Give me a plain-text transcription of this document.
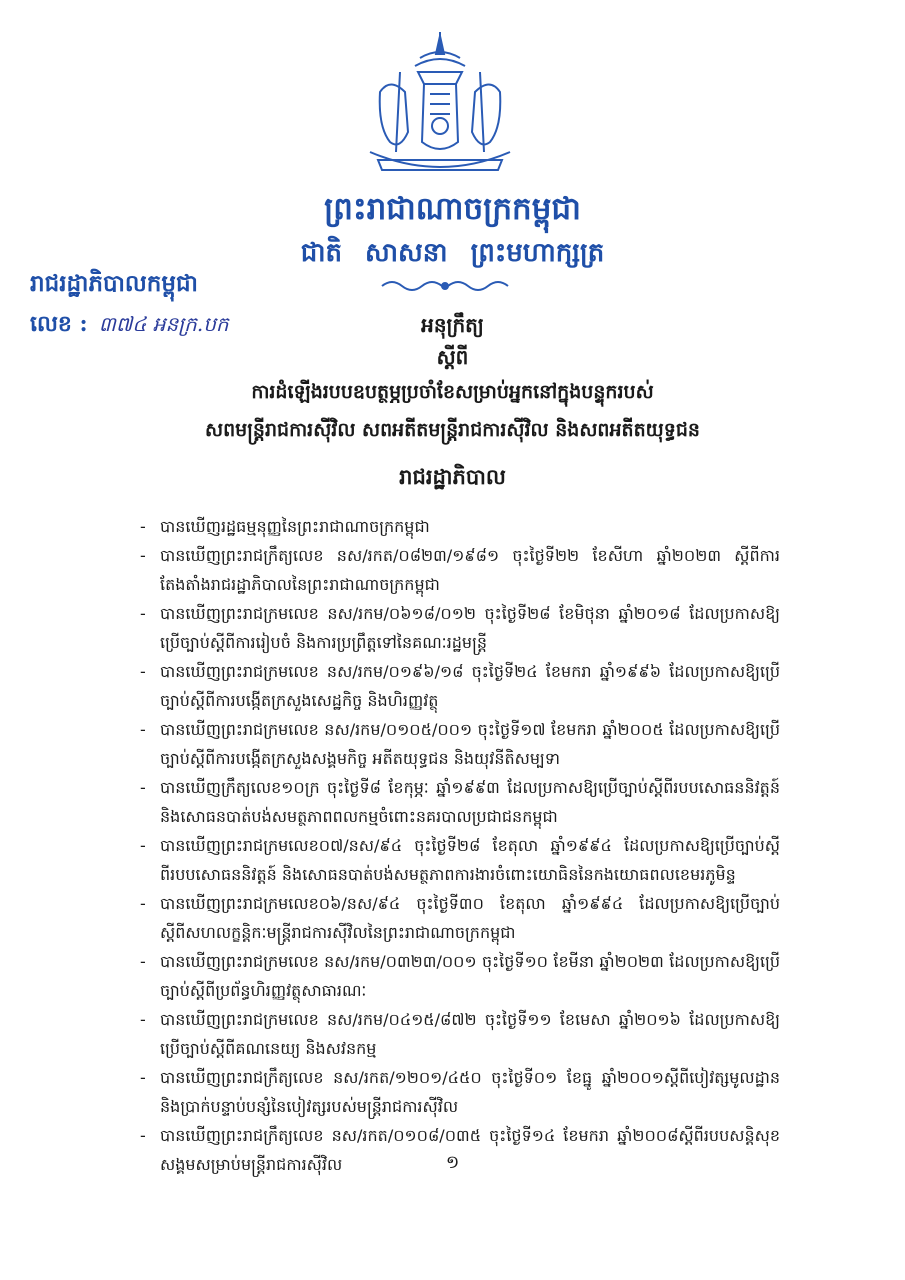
ព្រះរាជាណាចក្រកម្ពុជា
ជាតិ សាសនា ព្រះមហាក្សត្រ
រាជរដ្ឋាភិបាលកម្ពុជា
លេខ : ៣៧៤ អនក្រ.បក	អនុក្រឹត្យ
ស្តីពី
ការដំឡើងរបបឧបត្ថម្ភប្រចាំខែសម្រាប់អ្នកនៅក្នុងបន្ទុករបស់
សពមន្ត្រីរាជការស៊ីវិល សពអតីតមន្ត្រីរាជការស៊ីវិល និងសពអតីតយុទ្ធជន
រាជរដ្ឋាភិបាល
- បានឃើញរដ្ឋធម្មនុញ្ញនៃព្រះរាជាណាចក្រកម្ពុជា
- បានឃើញព្រះរាជក្រឹត្យលេខ នស/រកត/០៨២៣/១៩៨១ ចុះថ្ងៃទី២២ ខែសីហា ឆ្នាំ២០២៣ ស្តីពីការតែងតាំងរាជរដ្ឋាភិបាលនៃព្រះរាជាណាចក្រកម្ពុជា
- បានឃើញព្រះរាជក្រមលេខ នស/រកម/០៦១៨/០១២ ចុះថ្ងៃទី២៨ ខែមិថុនា ឆ្នាំ២០១៨ ដែលប្រកាសឱ្យប្រើច្បាប់ស្តីពីការរៀបចំ និងការប្រព្រឹត្តទៅនៃគណៈរដ្ឋមន្ត្រី
- បានឃើញព្រះរាជក្រមលេខ នស/រកម/០១៩៦/១៨ ចុះថ្ងៃទី២៤ ខែមករា ឆ្នាំ១៩៩៦ ដែលប្រកាសឱ្យប្រើច្បាប់ស្តីពីការបង្កើតក្រសួងសេដ្ឋកិច្ច និងហិរញ្ញវត្ថុ
- បានឃើញព្រះរាជក្រមលេខ នស/រកម/០១០៥/០០១ ចុះថ្ងៃទី១៧ ខែមករា ឆ្នាំ២០០៥ ដែលប្រកាសឱ្យប្រើច្បាប់ស្តីពីការបង្កើតក្រសួងសង្គមកិច្ច អតីតយុទ្ធជន និងយុវនីតិសម្បទា
- បានឃើញក្រឹត្យលេខ១០ក្រ ចុះថ្ងៃទី៨ ខែកុម្ភៈ ឆ្នាំ១៩៩៣ ដែលប្រកាសឱ្យប្រើច្បាប់ស្តីពីរបបសោធននិវត្តន៍ និងសោធនបាត់បង់សមត្ថភាពពលកម្មចំពោះនគរបាលប្រជាជនកម្ពុជា
- បានឃើញព្រះរាជក្រមលេខ០៧/នស/៩៤ ចុះថ្ងៃទី២៨ ខែតុលា ឆ្នាំ១៩៩៤ ដែលប្រកាសឱ្យប្រើច្បាប់ស្តីពីរបបសោធននិវត្តន៍ និងសោធនបាត់បង់សមត្ថភាពការងារចំពោះយោធិននៃកងយោធពលខេមរភូមិន្ទ
- បានឃើញព្រះរាជក្រមលេខ០៦/នស/៩៤ ចុះថ្ងៃទី៣០ ខែតុលា ឆ្នាំ១៩៩៤ ដែលប្រកាសឱ្យប្រើច្បាប់ស្តីពីសហលក្ខន្តិកៈមន្ត្រីរាជការស៊ីវិលនៃព្រះរាជាណាចក្រកម្ពុជា
- បានឃើញព្រះរាជក្រមលេខ នស/រកម/០៣២៣/០០១ ចុះថ្ងៃទី១០ ខែមីនា ឆ្នាំ២០២៣ ដែលប្រកាសឱ្យប្រើច្បាប់ស្តីពីប្រព័ន្ធហិរញ្ញវត្ថុសាធារណៈ
- បានឃើញព្រះរាជក្រមលេខ នស/រកម/០៤១៥/៨៧២ ចុះថ្ងៃទី១១ ខែមេសា ឆ្នាំ២០១៦ ដែលប្រកាសឱ្យប្រើច្បាប់ស្តីពីគណនេយ្យ និងសវនកម្ម
- បានឃើញព្រះរាជក្រឹត្យលេខ នស/រកត/១២០១/៤៥០ ចុះថ្ងៃទី០១ ខែធ្នូ ឆ្នាំ២០០១ស្តីពីបៀវត្សមូលដ្ឋាន និងប្រាក់បន្ទាប់បន្សំនៃបៀវត្សរបស់មន្ត្រីរាជការស៊ីវិល
- បានឃើញព្រះរាជក្រឹត្យលេខ នស/រកត/០១០៨/០៣៥ ចុះថ្ងៃទី១៤ ខែមករា ឆ្នាំ២០០៨ស្តីពីរបបសន្តិសុខសង្គមសម្រាប់មន្ត្រីរាជការស៊ីវិល	១
